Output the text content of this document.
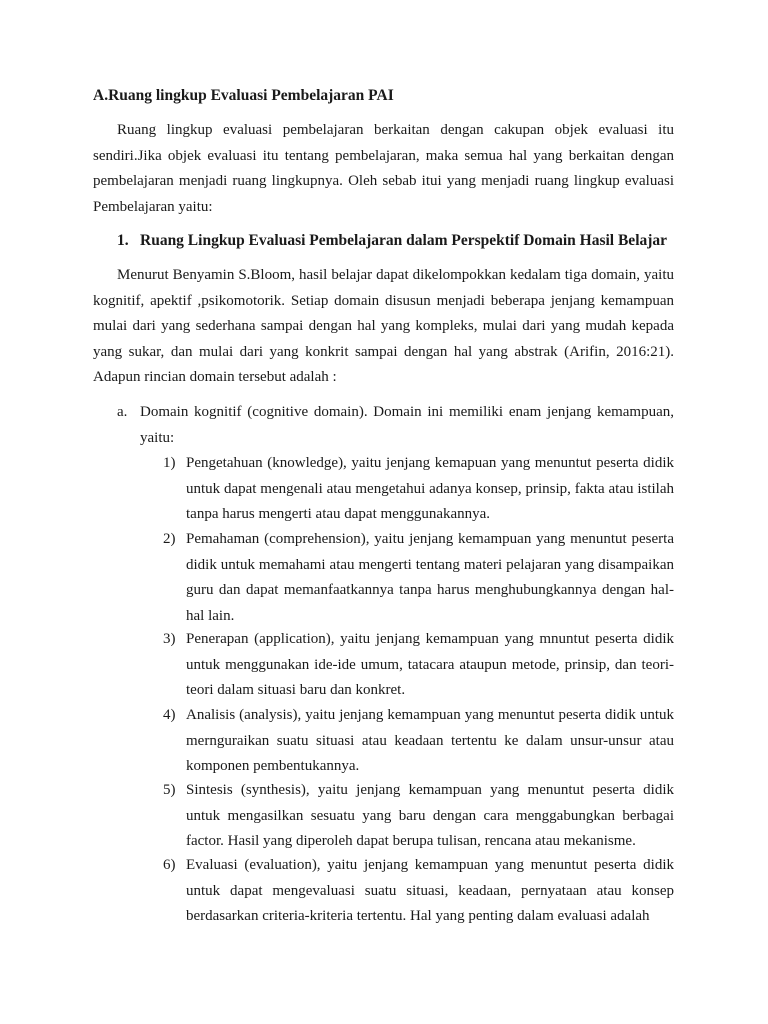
A.Ruang lingkup Evaluasi Pembelajaran PAI

Ruang lingkup evaluasi pembelajaran berkaitan dengan cakupan objek evaluasi itu sendiri.Jika objek evaluasi itu tentang pembelajaran, maka semua hal yang berkaitan dengan pembelajaran menjadi ruang lingkupnya. Oleh sebab itui yang menjadi ruang lingkup evaluasi Pembelajaran yaitu:

1. Ruang Lingkup Evaluasi Pembelajaran dalam Perspektif Domain Hasil Belajar

Menurut Benyamin S.Bloom, hasil belajar dapat dikelompokkan kedalam tiga domain, yaitu kognitif, apektif ,psikomotorik. Setiap domain disusun menjadi beberapa jenjang kemampuan mulai dari yang sederhana sampai dengan hal yang kompleks, mulai dari yang mudah kepada yang sukar, dan mulai dari yang konkrit sampai dengan hal yang abstrak (Arifin, 2016:21). Adapun rincian domain tersebut adalah :

a. Domain kognitif (cognitive domain). Domain ini memiliki enam jenjang kemampuan, yaitu:
1) Pengetahuan (knowledge), yaitu jenjang kemapuan yang menuntut peserta didik untuk dapat mengenali atau mengetahui adanya konsep, prinsip, fakta atau istilah tanpa harus mengerti atau dapat menggunakannya.
2) Pemahaman (comprehension), yaitu jenjang kemampuan yang menuntut peserta didik untuk memahami atau mengerti tentang materi pelajaran yang disampaikan guru dan dapat memanfaatkannya tanpa harus menghubungkannya dengan hal-hal lain.
3) Penerapan (application), yaitu jenjang kemampuan yang mnuntut peserta didik untuk menggunakan ide-ide umum, tatacara ataupun metode, prinsip, dan teori-teori dalam situasi baru dan konkret.
4) Analisis (analysis), yaitu jenjang kemampuan yang menuntut peserta didik untuk mernguraikan suatu situasi atau keadaan tertentu ke dalam unsur-unsur atau komponen pembentukannya.
5) Sintesis (synthesis), yaitu jenjang kemampuan yang menuntut peserta didik untuk mengasilkan sesuatu yang baru dengan cara menggabungkan berbagai factor. Hasil yang diperoleh dapat berupa tulisan, rencana atau mekanisme.
6) Evaluasi (evaluation), yaitu jenjang kemampuan yang menuntut peserta didik untuk dapat mengevaluasi suatu situasi, keadaan, pernyataan atau konsep berdasarkan criteria-kriteria tertentu. Hal yang penting dalam evaluasi adalah
